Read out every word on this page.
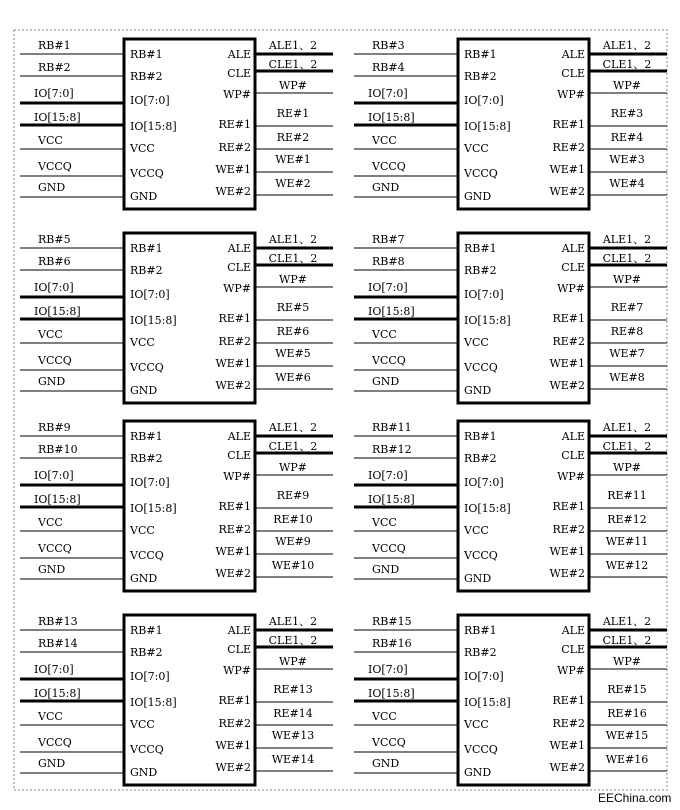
RB#1
RB#2
IO[7:0]
IO[15:8]
VCC
VCCQ
GND
ALE1、2
CLE1、2
WP#
RE#1
RE#2
WE#1
WE#2
RB#1
RB#2
IO[7:0]
IO[15:8]
VCC
VCCQ
GND
ALE
CLE
WP#
RE#1
RE#2
WE#1
WE#2
RB#3
RB#4
IO[7:0]
IO[15:8]
VCC
VCCQ
GND
ALE1、2
CLE1、2
WP#
RE#3
RE#4
WE#3
WE#4
RB#1
RB#2
IO[7:0]
IO[15:8]
VCC
VCCQ
GND
ALE
CLE
WP#
RE#1
RE#2
WE#1
WE#2
RB#5
RB#6
IO[7:0]
IO[15:8]
VCC
VCCQ
GND
ALE1、2
CLE1、2
WP#
RE#5
RE#6
WE#5
WE#6
RB#1
RB#2
IO[7:0]
IO[15:8]
VCC
VCCQ
GND
ALE
CLE
WP#
RE#1
RE#2
WE#1
WE#2
RB#7
RB#8
IO[7:0]
IO[15:8]
VCC
VCCQ
GND
ALE1、2
CLE1、2
WP#
RE#7
RE#8
WE#7
WE#8
RB#1
RB#2
IO[7:0]
IO[15:8]
VCC
VCCQ
GND
ALE
CLE
WP#
RE#1
RE#2
WE#1
WE#2
RB#9
RB#10
IO[7:0]
IO[15:8]
VCC
VCCQ
GND
ALE1、2
CLE1、2
WP#
RE#9
RE#10
WE#9
WE#10
RB#1
RB#2
IO[7:0]
IO[15:8]
VCC
VCCQ
GND
ALE
CLE
WP#
RE#1
RE#2
WE#1
WE#2
RB#11
RB#12
IO[7:0]
IO[15:8]
VCC
VCCQ
GND
ALE1、2
CLE1、2
WP#
RE#11
RE#12
WE#11
WE#12
RB#1
RB#2
IO[7:0]
IO[15:8]
VCC
VCCQ
GND
ALE
CLE
WP#
RE#1
RE#2
WE#1
WE#2
RB#13
RB#14
IO[7:0]
IO[15:8]
VCC
VCCQ
GND
ALE1、2
CLE1、2
WP#
RE#13
RE#14
WE#13
WE#14
RB#1
RB#2
IO[7:0]
IO[15:8]
VCC
VCCQ
GND
ALE
CLE
WP#
RE#1
RE#2
WE#1
WE#2
RB#15
RB#16
IO[7:0]
IO[15:8]
VCC
VCCQ
GND
ALE1、2
CLE1、2
WP#
RE#15
RE#16
WE#15
WE#16
RB#1
RB#2
IO[7:0]
IO[15:8]
VCC
VCCQ
GND
ALE
CLE
WP#
RE#1
RE#2
WE#1
WE#2
EEChina.com
